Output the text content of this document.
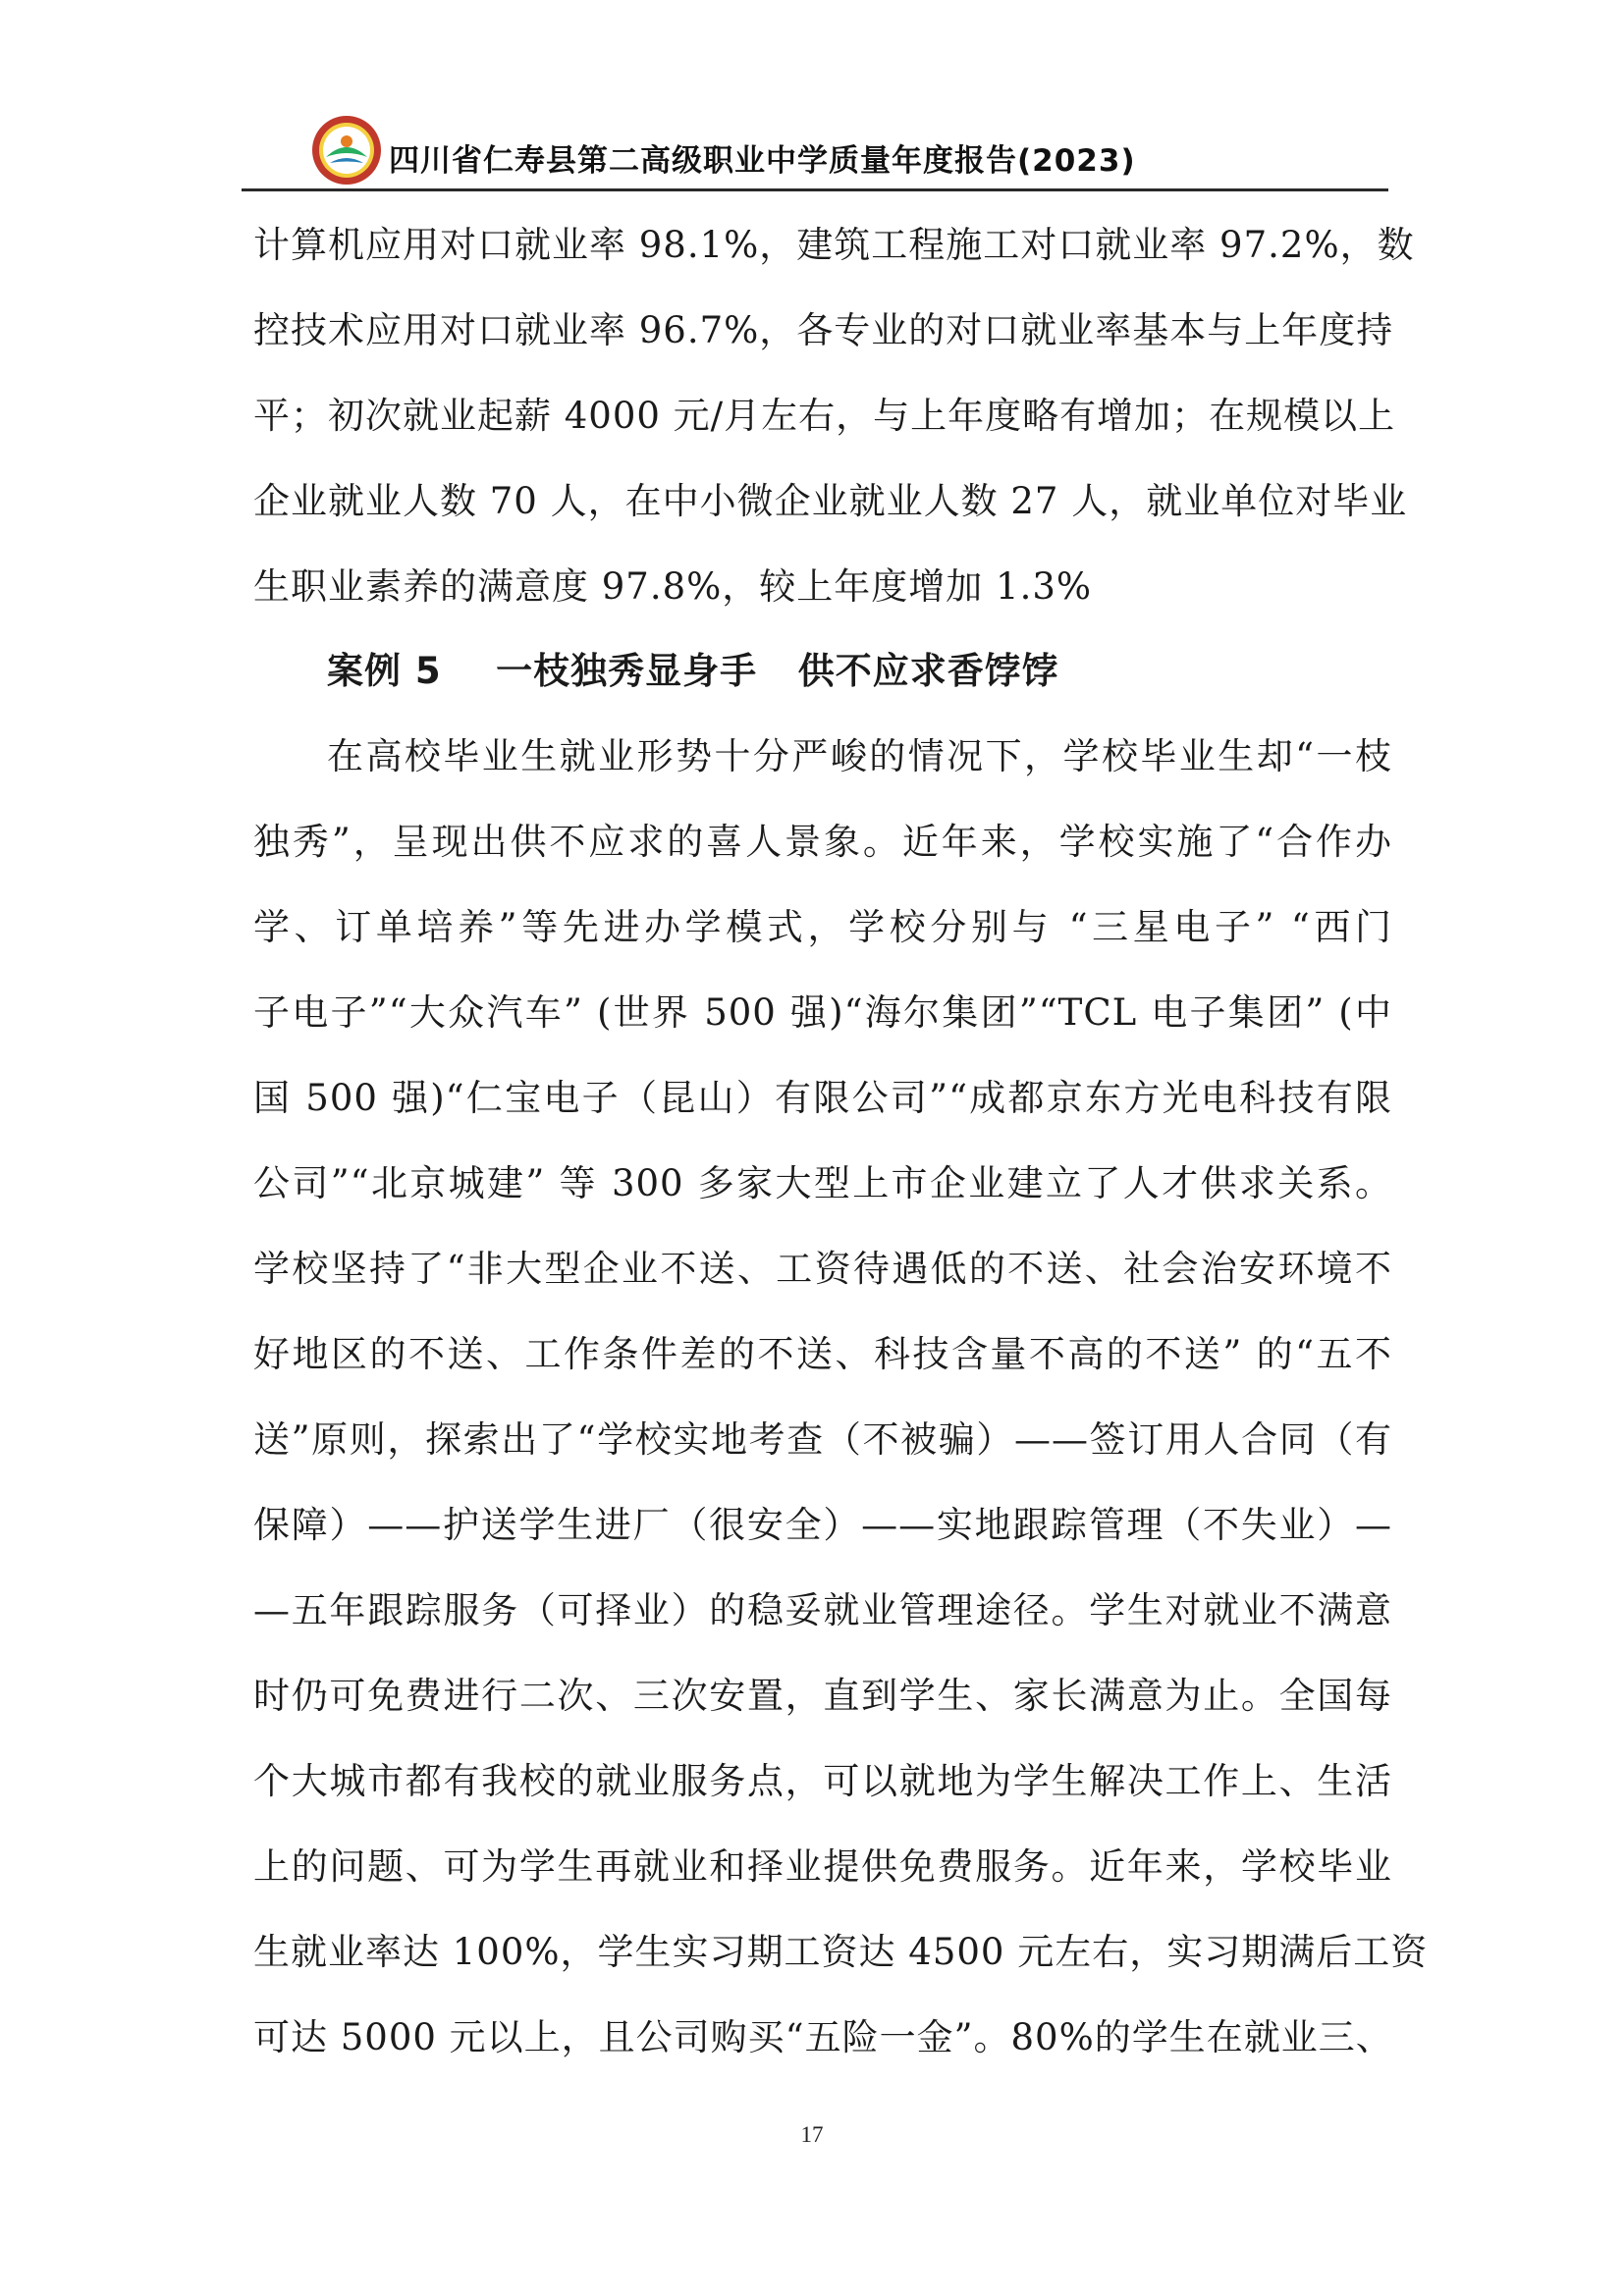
四川省仁寿县第二高级职业中学质量年度报告(2023)
计算机应用对口就业率 98.1%，建筑工程施工对口就业率 97.2%，数
控技术应用对口就业率 96.7%，各专业的对口就业率基本与上年度持
平；初次就业起薪 4000 元/月左右，与上年度略有增加；在规模以上
企业就业人数 70 人，在中小微企业就业人数 27 人，就业单位对毕业
生职业素养的满意度 97.8%，较上年度增加 1.3%
案例 5    一枝独秀显身手   供不应求香饽饽
在高校毕业生就业形势十分严峻的情况下，学校毕业生却“一枝
独秀”，呈现出供不应求的喜人景象。近年来，学校实施了“合作办
学、订单培养”等先进办学模式，学校分别与 “三星电子” “西门
子电子”“大众汽车” (世界 500 强)“海尔集团”“TCL 电子集团” (中
国 500 强)“仁宝电子（昆山）有限公司”“成都京东方光电科技有限
公司”“北京城建” 等 300 多家大型上市企业建立了人才供求关系。
学校坚持了“非大型企业不送、工资待遇低的不送、社会治安环境不
好地区的不送、工作条件差的不送、科技含量不高的不送” 的“五不
送”原则，探索出了“学校实地考查（不被骗）——签订用人合同（有
保障）——护送学生进厂（很安全）——实地跟踪管理（不失业）—
—五年跟踪服务（可择业）的稳妥就业管理途径。学生对就业不满意
时仍可免费进行二次、三次安置，直到学生、家长满意为止。全国每
个大城市都有我校的就业服务点，可以就地为学生解决工作上、生活
上的问题、可为学生再就业和择业提供免费服务。近年来，学校毕业
生就业率达 100%，学生实习期工资达 4500 元左右，实习期满后工资
可达 5000 元以上，且公司购买“五险一金”。80%的学生在就业三、
17
